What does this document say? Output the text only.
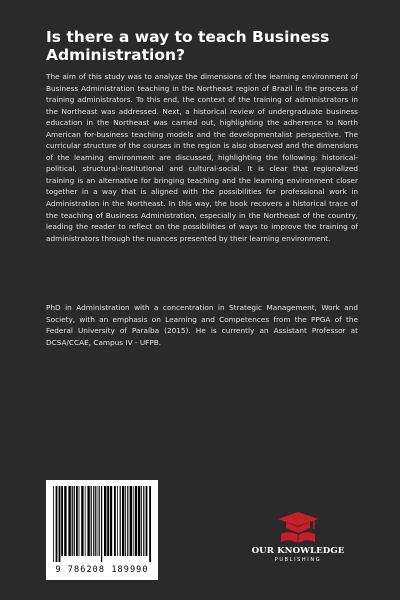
Is there a way to teach Business Administration?

The aim of this study was to analyze the dimensions of the learning environment of Business Administration teaching in the Northeast region of Brazil in the process of training administrators. To this end, the context of the training of administrators in the Northeast was addressed. Next, a historical review of undergraduate business education in the Northeast was carried out, highlighting the adherence to North American for-business teaching models and the developmentalist perspective. The curricular structure of the courses in the region is also observed and the dimensions of the learning environment are discussed, highlighting the following: historical-political, structural-institutional and cultural-social. It is clear that regionalized training is an alternative for bringing teaching and the learning environment closer together in a way that is aligned with the possibilities for professional work in Administration in the Northeast. In this way, the book recovers a historical trace of the teaching of Business Administration, especially in the Northeast of the country, leading the reader to reflect on the possibilities of ways to improve the training of administrators through the nuances presented by their learning environment.

PhD in Administration with a concentration in Strategic Management, Work and Society, with an emphasis on Learning and Competences from the PPGA of the Federal University of Paraíba (2015). He is currently an Assistant Professor at DCSA/CCAE, Campus IV - UFPB.

9 786208 189990
OUR KNOWLEDGE
PUBLISHING
